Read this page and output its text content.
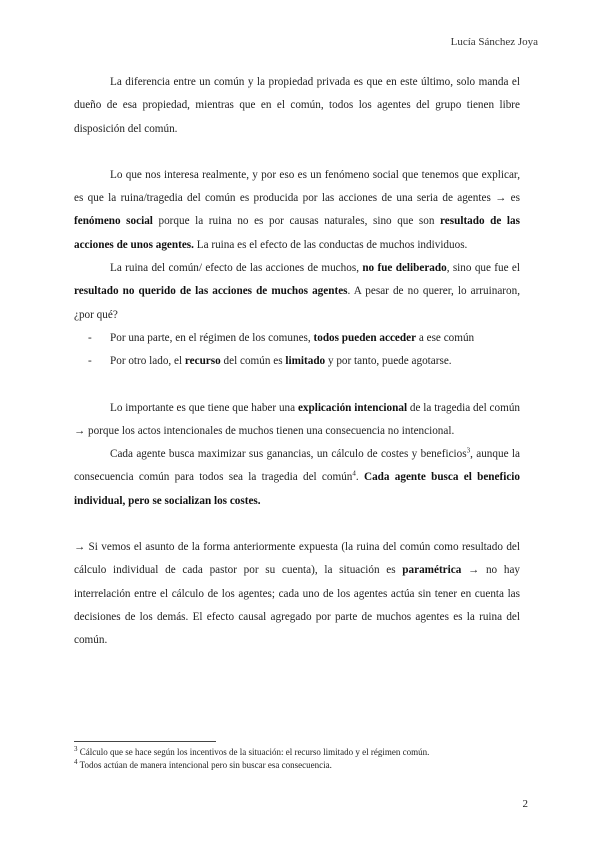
Lucía Sánchez Joya

La diferencia entre un común y la propiedad privada es que en este último, solo manda el dueño de esa propiedad, mientras que en el común, todos los agentes del grupo tienen libre disposición del común.

Lo que nos interesa realmente, y por eso es un fenómeno social que tenemos que explicar, es que la ruina/tragedia del común es producida por las acciones de una seria de agentes → es fenómeno social porque la ruina no es por causas naturales, sino que son resultado de las acciones de unos agentes. La ruina es el efecto de las conductas de muchos individuos.

La ruina del común/ efecto de las acciones de muchos, no fue deliberado, sino que fue el resultado no querido de las acciones de muchos agentes. A pesar de no querer, lo arruinaron, ¿por qué?

-	Por una parte, en el régimen de los comunes, todos pueden acceder a ese común
-	Por otro lado, el recurso del común es limitado y por tanto, puede agotarse.

Lo importante es que tiene que haber una explicación intencional de la tragedia del común → porque los actos intencionales de muchos tienen una consecuencia no intencional.

Cada agente busca maximizar sus ganancias, un cálculo de costes y beneficios$^3$, aunque la consecuencia común para todos sea la tragedia del común$^4$. Cada agente busca el beneficio individual, pero se socializan los costes.

→ Si vemos el asunto de la forma anteriormente expuesta (la ruina del común como resultado del cálculo individual de cada pastor por su cuenta), la situación es paramétrica → no hay interrelación entre el cálculo de los agentes; cada uno de los agentes actúa sin tener en cuenta las decisiones de los demás. El efecto causal agregado por parte de muchos agentes es la ruina del común.

$^3$ Cálculo que se hace según los incentivos de la situación: el recurso limitado y el régimen común.

$^4$ Todos actúan de manera intencional pero sin buscar esa consecuencia.

2
